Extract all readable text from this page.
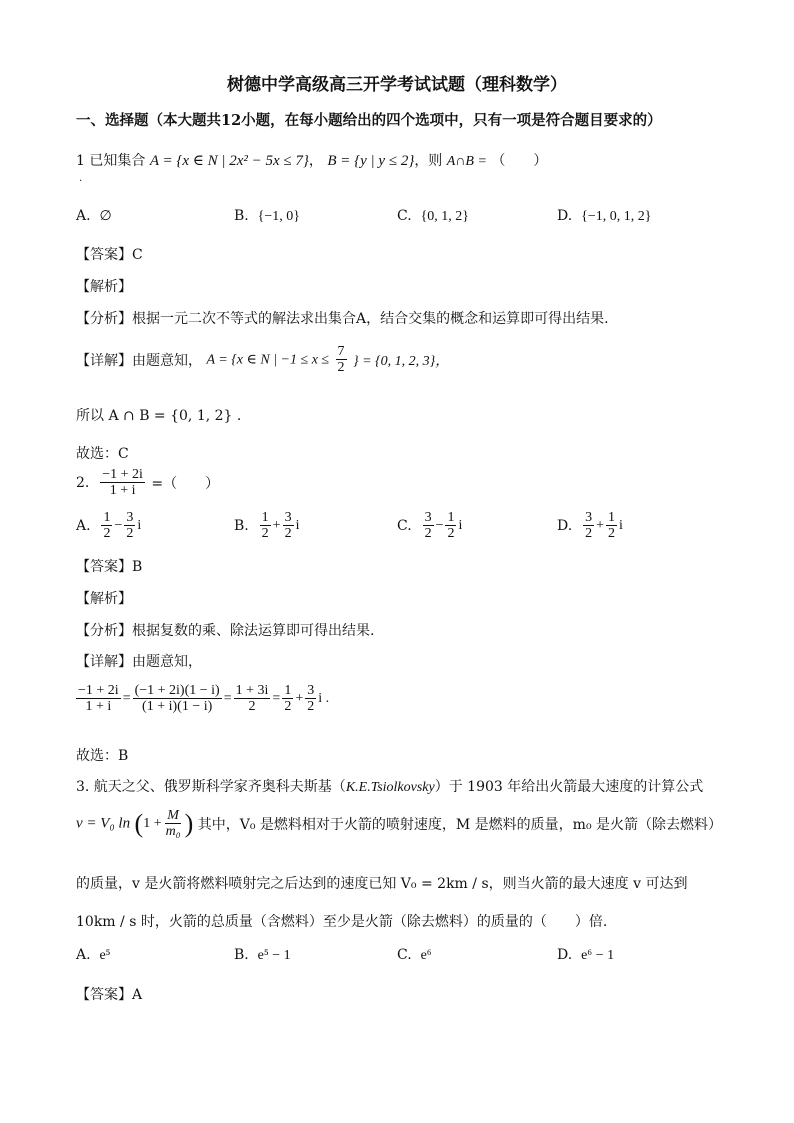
树德中学高级高三开学考试试题（理科数学）
一、选择题（本大题共12小题，在每小题给出的四个选项中，只有一项是符合题目要求的）
1 已知集合 A = {x ∈ N | 2x² − 5x ≤ 7}， B = {y | y ≤ 2}，则 A∩B = （　　）
.
A. ∅	B. {−1, 0}	C. {0, 1, 2}	D. {−1, 0, 1, 2}
【答案】C
【解析】
【分析】根据一元二次不等式的解法求出集合A，结合交集的概念和运算即可得出结果.
【详解】由题意知， A = {x ∈ N | $-1 \le x \le \frac{7}{2}$ } = {0, 1, 2, 3}，
所以 A ∩ B = {0, 1, 2} .
故选：C
2. $\frac{-1 + 2i}{1 + i}$ =（　　）
A. $\frac{1}{2} - \frac{3}{2}$ i	B. $\frac{1}{2} + \frac{3}{2}$ i	C. $\frac{3}{2} - \frac{1}{2}$ i	D. $\frac{3}{2} + \frac{1}{2}$ i
【答案】B
【解析】
【分析】根据复数的乘、除法运算即可得出结果.
【详解】由题意知，
$\frac{-1 + 2i}{1 + i} = \frac{(-1 + 2i)(1 - i)}{(1 + i)(1 - i)} = \frac{1 + 3i}{2} = \frac{1}{2} + \frac{3}{2}$ i .
故选：B
3. 航天之父、俄罗斯科学家齐奥科夫斯基（K.E.Tsiolkovsky）于 1903 年给出火箭最大速度的计算公式
v = V₀ $\ln (1 + \frac{M}{\text{m₀}}$ ) 其中，V₀ 是燃料相对于火箭的喷射速度，M 是燃料的质量，m₀ 是火箭（除去燃料）
的质量，v 是火箭将燃料喷射完之后达到的速度已知 V₀ = 2km / s，则当火箭的最大速度 v 可达到
10km / s 时，火箭的总质量（含燃料）至少是火箭（除去燃料）的质量的（　　）倍.
A. e⁵	B. e⁵ − 1	C. e⁶	D. e⁶ − 1
【答案】A
